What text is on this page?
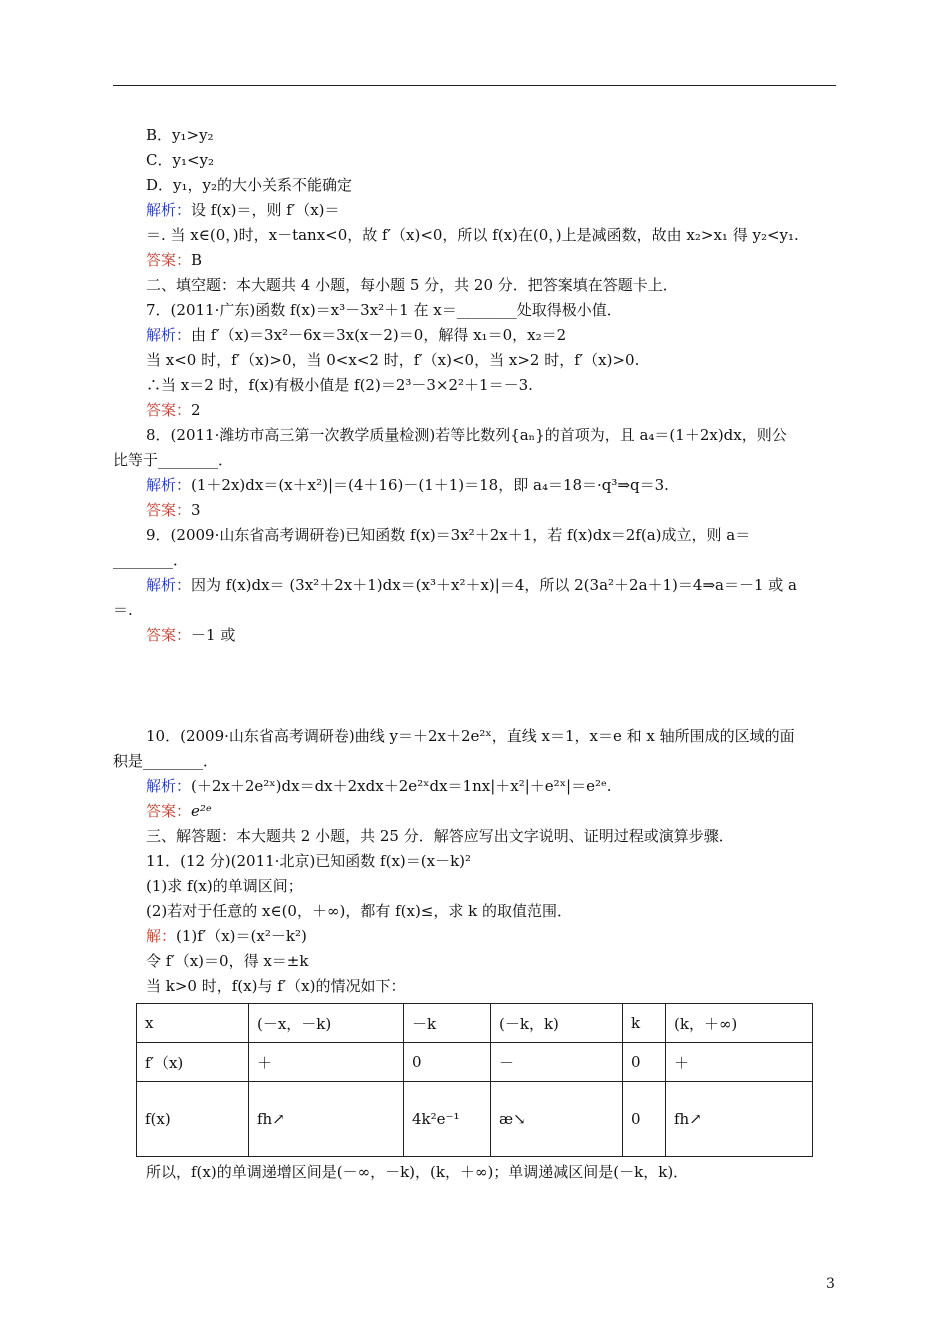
B．y₁>y₂
C．y₁<y₂
D．y₁，y₂的大小关系不能确定
解析：设 f(x)＝，则 f′（x)＝
＝. 当 x∈(0，)时，x－tanx<0，故 f′（x)<0，所以 f(x)在(0，)上是减函数，故由 x₂>x₁ 得 y₂<y₁.
答案：B
二、填空题：本大题共 4 小题，每小题 5 分，共 20 分．把答案填在答题卡上．
7．(2011·广东)函数 f(x)＝x³－3x²＋1 在 x＝________处取得极小值．
解析：由 f′（x)＝3x²－6x＝3x(x－2)＝0，解得 x₁＝0，x₂＝2
当 x<0 时，f′（x)>0，当 0<x<2 时，f′（x)<0，当 x>2 时，f′（x)>0.
∴当 x＝2 时，f(x)有极小值是 f(2)＝2³－3×2²＋1＝－3.
答案：2
8．(2011·潍坊市高三第一次教学质量检测)若等比数列{aₙ}的首项为，且 a₄＝(1＋2x)dx，则公
比等于________．
解析：(1＋2x)dx＝(x＋x²)|＝(4＋16)－(1＋1)＝18，即 a₄＝18＝·q³⇒q＝3.
答案：3
9．(2009·山东省高考调研卷)已知函数 f(x)＝3x²＋2x＋1，若 f(x)dx＝2f(a)成立，则 a＝
________．
解析：因为 f(x)dx＝ (3x²＋2x＋1)dx＝(x³＋x²＋x)|＝4，所以 2(3a²＋2a＋1)＝4⇒a＝－1 或 a
＝.
答案：－1 或
10．(2009·山东省高考调研卷)曲线 y＝＋2x＋2e²ˣ，直线 x＝1，x＝e 和 x 轴所围成的区域的面
积是________．
解析：(＋2x＋2e²ˣ)dx＝dx＋2xdx＋2e²ˣdx＝1nx|＋x²|＋e²ˣ|＝e²ᵉ.
答案：e²ᵉ
三、解答题：本大题共 2 小题，共 25 分．解答应写出文字说明、证明过程或演算步骤．
11．(12 分)(2011·北京)已知函数 f(x)＝(x－k)²
(1)求 f(x)的单调区间；
(2)若对于任意的 x∈(0，＋∞)，都有 f(x)≤，求 k 的取值范围．
解：(1)f′（x)＝(x²－k²)
令 f′（x)＝0，得 x＝±k
当 k>0 时，f(x)与 f′（x)的情况如下：
x	(－x，－k)	－k	(－k，k)	k	(k，＋∞)
f′（x)	＋	0	－	0	＋
f(x)	fh↗	4k²e⁻¹	æ↘	0	fh↗
所以，f(x)的单调递增区间是(－∞，－k)，(k，＋∞)；单调递减区间是(－k，k)．
3
